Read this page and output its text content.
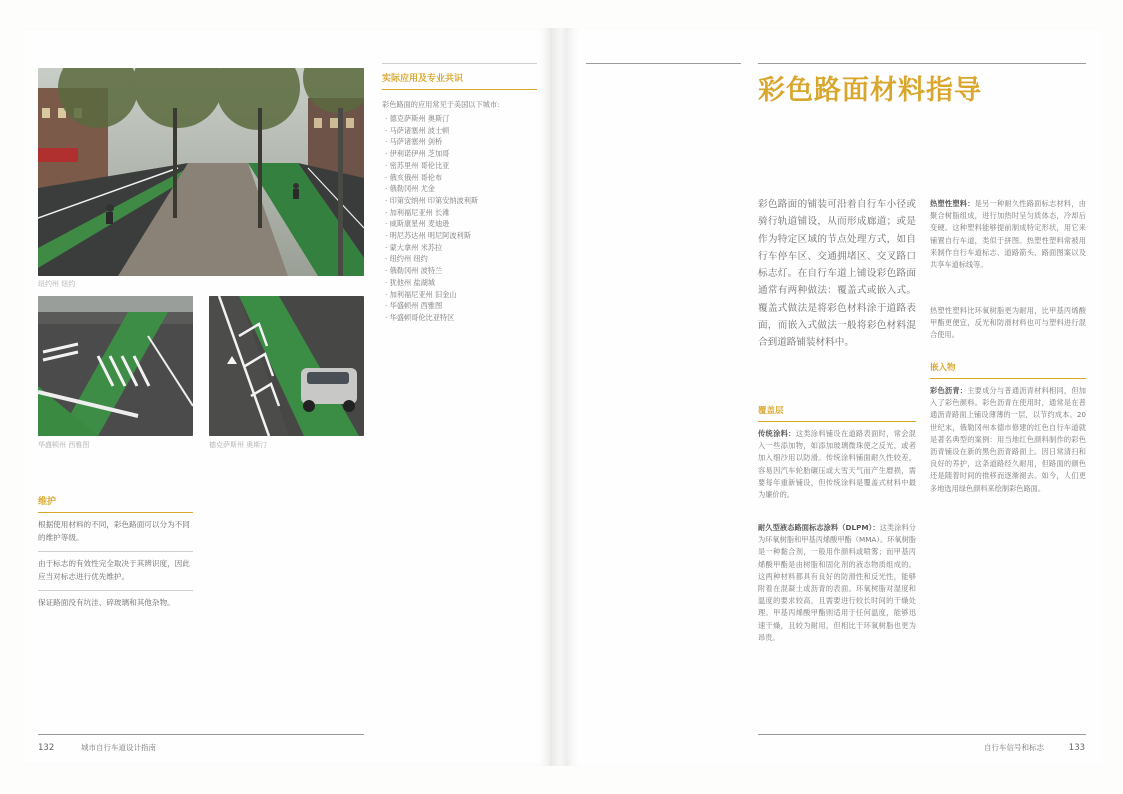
纽约州 纽约
华盛顿州 西雅图	德克萨斯州 奥斯汀
实际应用及专业共识
彩色路面的应用常见于美国以下城市:
· 德克萨斯州 奥斯汀
· 马萨诸塞州 波士顿
· 马萨诸塞州 剑桥
· 伊利诺伊州 芝加哥
· 密苏里州 哥伦比亚
· 俄亥俄州 哥伦布
· 俄勒冈州 尤金
· 印第安纳州 印第安纳波利斯
· 加利福尼亚州 长滩
· 威斯康星州 麦迪逊
· 明尼苏达州 明尼阿波利斯
· 蒙大拿州 米苏拉
· 纽约州 纽约
· 俄勒冈州 波特兰
· 犹他州 盐湖城
· 加利福尼亚州 旧金山
· 华盛顿州 西雅图
· 华盛顿哥伦比亚特区
维护
根据使用材料的不同，彩色路面可以分为不同的维护等级。
由于标志的有效性完全取决于其辨识度，因此应当对标志进行优先维护。
保证路面没有坑洼、碎玻璃和其他杂物。
132	城市自行车道设计指南
彩色路面材料指导
彩色路面的铺装可沿着自行车小径或骑行轨道铺设，从而形成廊道；或是作为特定区域的节点处理方式，如自行车停车区、交通拥堵区、交叉路口标志灯。在自行车道上铺设彩色路面通常有两种做法：覆盖式或嵌入式。覆盖式做法是将彩色材料涂于道路表面，而嵌入式做法一般将彩色材料混合到道路铺装材料中。
覆盖层
传统涂料：这类涂料铺设在道路表面时，常会混入一些添加物，如添加玻璃微珠使之反光，或者加入细沙用以防滑。传统涂料铺面耐久性较差，容易因汽车轮胎碾压或大雪天气而产生磨损，需要每年重新铺设，但传统涂料是覆盖式材料中最为廉价的。
耐久型液态路面标志涂料（DLPM）：这类涂料分为环氧树脂和甲基丙烯酸甲酯（MMA）。环氧树脂是一种黏合剂，一般用作颜料或喷雾；而甲基丙烯酸甲酯是由树脂和固化剂的液态物质组成的。这两种材料都具有良好的防滑性和反光性，能够附着在混凝土或沥青的表面。环氧树脂对湿度和温度的要求较高，且需要进行较长时间的干燥处理。甲基丙烯酸甲酯则适用于任何温度，能够迅速干燥，且较为耐用，但相比于环氧树脂也更为昂贵。
热塑性塑料：是另一种耐久性路面标志材料，由聚合树脂组成，进行加热时呈匀质体态，冷却后变硬。这种塑料能够提前制成特定形状，用它来铺置自行车道，类似于拼图。热塑性塑料常被用来制作自行车道标志、道路箭头、路面图案以及共享车道标线等。
热塑性塑料比环氧树脂更为耐用，比甲基丙烯酸甲酯更便宜，反光和防滑材料也可与塑料进行混合使用。
嵌入物
彩色沥青：主要成分与普通沥青材料相同，但加入了彩色颜料。彩色沥青在使用时，通常是在普通沥青路面上铺设薄薄的一层，以节约成本。20世纪末，俄勒冈州本德市修建的红色自行车道就是著名典型的案例：用当地红色颜料制作的彩色沥青铺设在新的黑色沥青路面上。因日常清扫和良好的养护，这条道路经久耐用，但路面的颜色还是随着时间的推移而逐渐褪去。如今，人们更多地选用绿色颜料来绘制彩色路面。
自行车信号和标志	133
